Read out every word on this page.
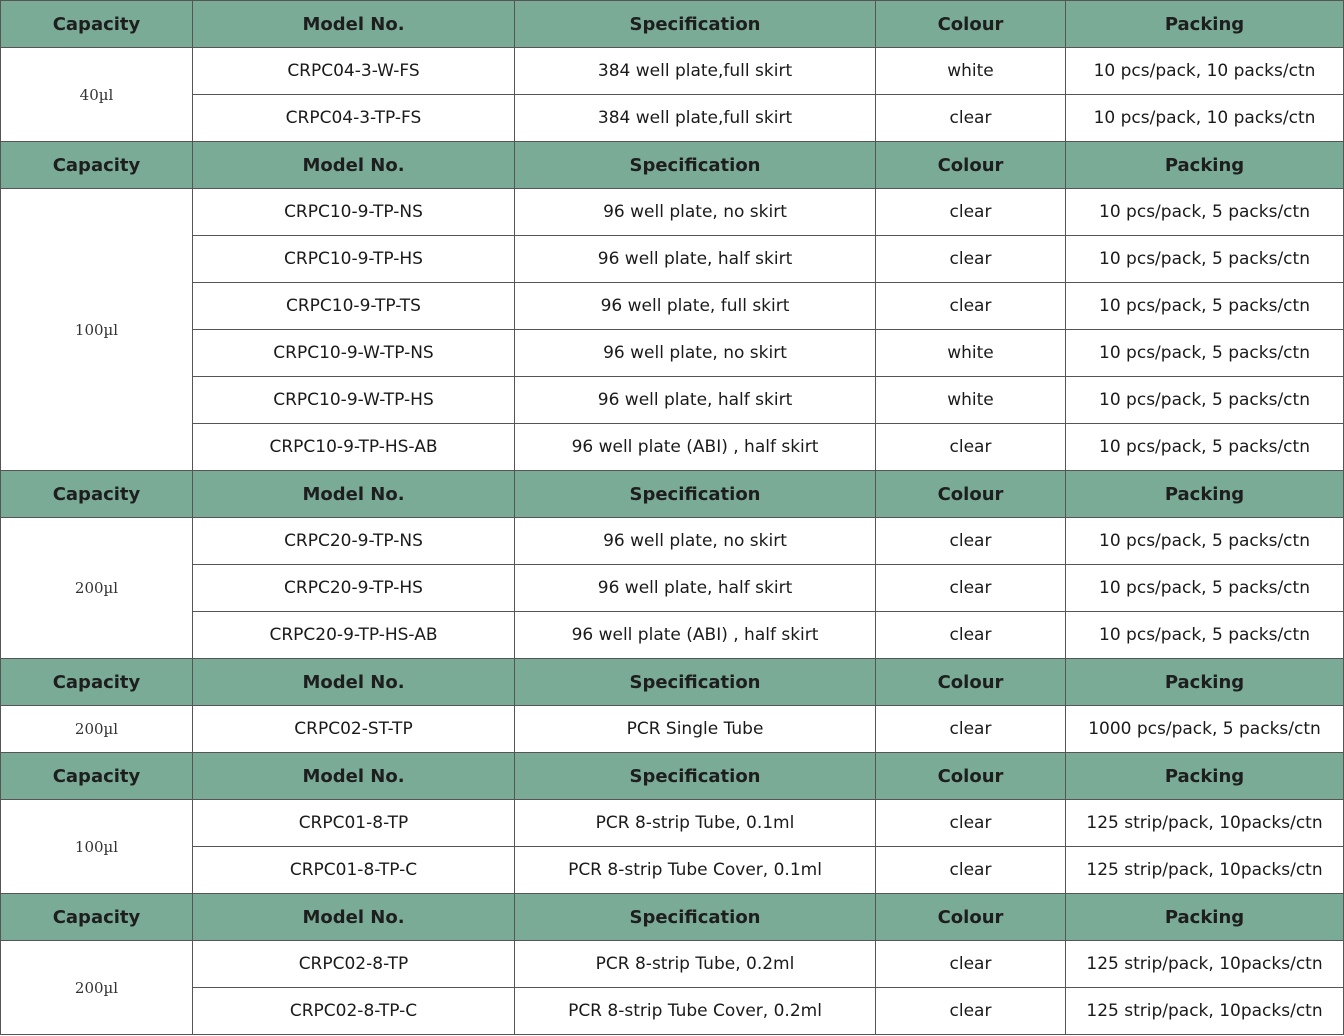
Capacity	Model No.	Specification	Colour	Packing
40µl	CRPC04-3-W-FS	384 well plate,full skirt	white	10 pcs/pack, 10 packs/ctn
	CRPC04-3-TP-FS	384 well plate,full skirt	clear	10 pcs/pack, 10 packs/ctn
Capacity	Model No.	Specification	Colour	Packing
100µl	CRPC10-9-TP-NS	96 well plate, no skirt	clear	10 pcs/pack, 5 packs/ctn
	CRPC10-9-TP-HS	96 well plate, half skirt	clear	10 pcs/pack, 5 packs/ctn
	CRPC10-9-TP-TS	96 well plate, full skirt	clear	10 pcs/pack, 5 packs/ctn
	CRPC10-9-W-TP-NS	96 well plate, no skirt	white	10 pcs/pack, 5 packs/ctn
	CRPC10-9-W-TP-HS	96 well plate, half skirt	white	10 pcs/pack, 5 packs/ctn
	CRPC10-9-TP-HS-AB	96 well plate (ABI) , half skirt	clear	10 pcs/pack, 5 packs/ctn
Capacity	Model No.	Specification	Colour	Packing
200µl	CRPC20-9-TP-NS	96 well plate, no skirt	clear	10 pcs/pack, 5 packs/ctn
	CRPC20-9-TP-HS	96 well plate, half skirt	clear	10 pcs/pack, 5 packs/ctn
	CRPC20-9-TP-HS-AB	96 well plate (ABI) , half skirt	clear	10 pcs/pack, 5 packs/ctn
Capacity	Model No.	Specification	Colour	Packing
200µl	CRPC02-ST-TP	PCR Single Tube	clear	1000 pcs/pack, 5 packs/ctn
Capacity	Model No.	Specification	Colour	Packing
100µl	CRPC01-8-TP	PCR 8-strip Tube, 0.1ml	clear	125 strip/pack, 10packs/ctn
	CRPC01-8-TP-C	PCR 8-strip Tube Cover, 0.1ml	clear	125 strip/pack, 10packs/ctn
Capacity	Model No.	Specification	Colour	Packing
200µl	CRPC02-8-TP	PCR 8-strip Tube, 0.2ml	clear	125 strip/pack, 10packs/ctn
	CRPC02-8-TP-C	PCR 8-strip Tube Cover, 0.2ml	clear	125 strip/pack, 10packs/ctn
